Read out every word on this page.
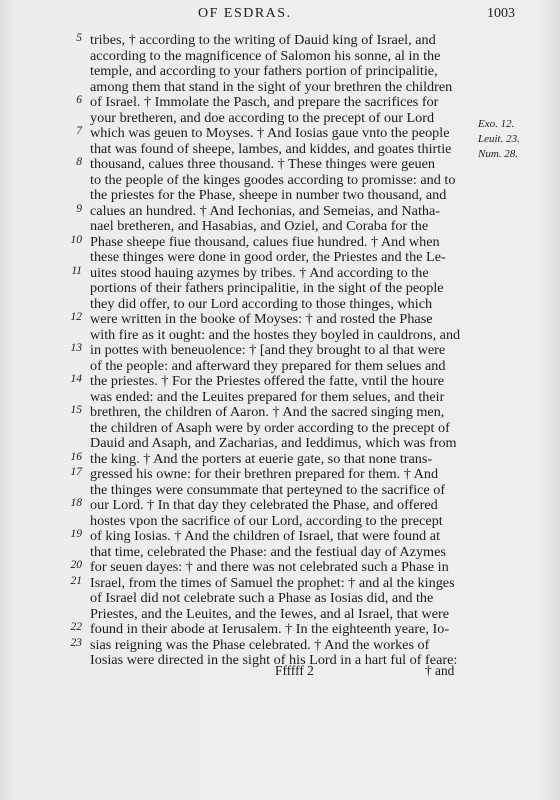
OF ESDRAS.	1003
5 tribes, † according to the writing of Dauid king of Israel, and
according to the magnificence of Salomon his sonne, al in the
temple, and according to your fathers portion of principalitie,
among them that stand in the sight of your brethren the children
6 of Israel. † Immolate the Pasch, and prepare the sacrifices for
your bretheren, and doe according to the precept of our Lord
7 which was geuen to Moyses. † And Iosias gaue vnto the people
that was found of sheepe, lambes, and kiddes, and goates thirtie
8 thousand, calues three thousand. † These thinges were geuen
to the people of the kinges goodes according to promisse: and to
the priestes for the Phase, sheepe in number two thousand, and
9 calues an hundred. † And Iechonias, and Semeias, and Natha-
nael bretheren, and Hasabias, and Oziel, and Coraba for the
10 Phase sheepe fiue thousand, calues fiue hundred. † And when
these thinges were done in good order, the Priestes and the Le-
11 uites stood hauing azymes by tribes. † And according to the
portions of their fathers principalitie, in the sight of the people
they did offer, to our Lord according to those thinges, which
12 were written in the booke of Moyses: † and rosted the Phase
with fire as it ought: and the hostes they boyled in cauldrons, and
13 in pottes with beneuolence: † [and they brought to al that were
of the people: and afterward they prepared for them selues and
14 the priestes. † For the Priestes offered the fatte, vntil the houre
was ended: and the Leuites prepared for them selues, and their
15 brethren, the children of Aaron. † And the sacred singing men,
the children of Asaph were by order according to the precept of
Dauid and Asaph, and Zacharias, and Ieddimus, which was from
16 the king. † And the porters at euerie gate, so that none trans-
17 gressed his owne: for their brethren prepared for them. † And
the thinges were consummate that perteyned to the sacrifice of
18 our Lord. † In that day they celebrated the Phase, and offered
hostes vpon the sacrifice of our Lord, according to the precept
19 of king Iosias. † And the children of Israel, that were found at
that time, celebrated the Phase: and the festiual day of Azymes
20 for seuen dayes: † and there was not celebrated such a Phase in
21 Israel, from the times of Samuel the prophet: † and al the kinges
of Israel did not celebrate such a Phase as Iosias did, and the
Priestes, and the Leuites, and the Iewes, and al Israel, that were
22 found in their abode at Ierusalem. † In the eighteenth yeare, Io-
23 sias reigning was the Phase celebrated. † And the workes of
Iosias were directed in the sight of his Lord in a hart ful of feare:
Exo. 12.
Leuit. 23.
Num. 28.
Ffffff 2	† and
